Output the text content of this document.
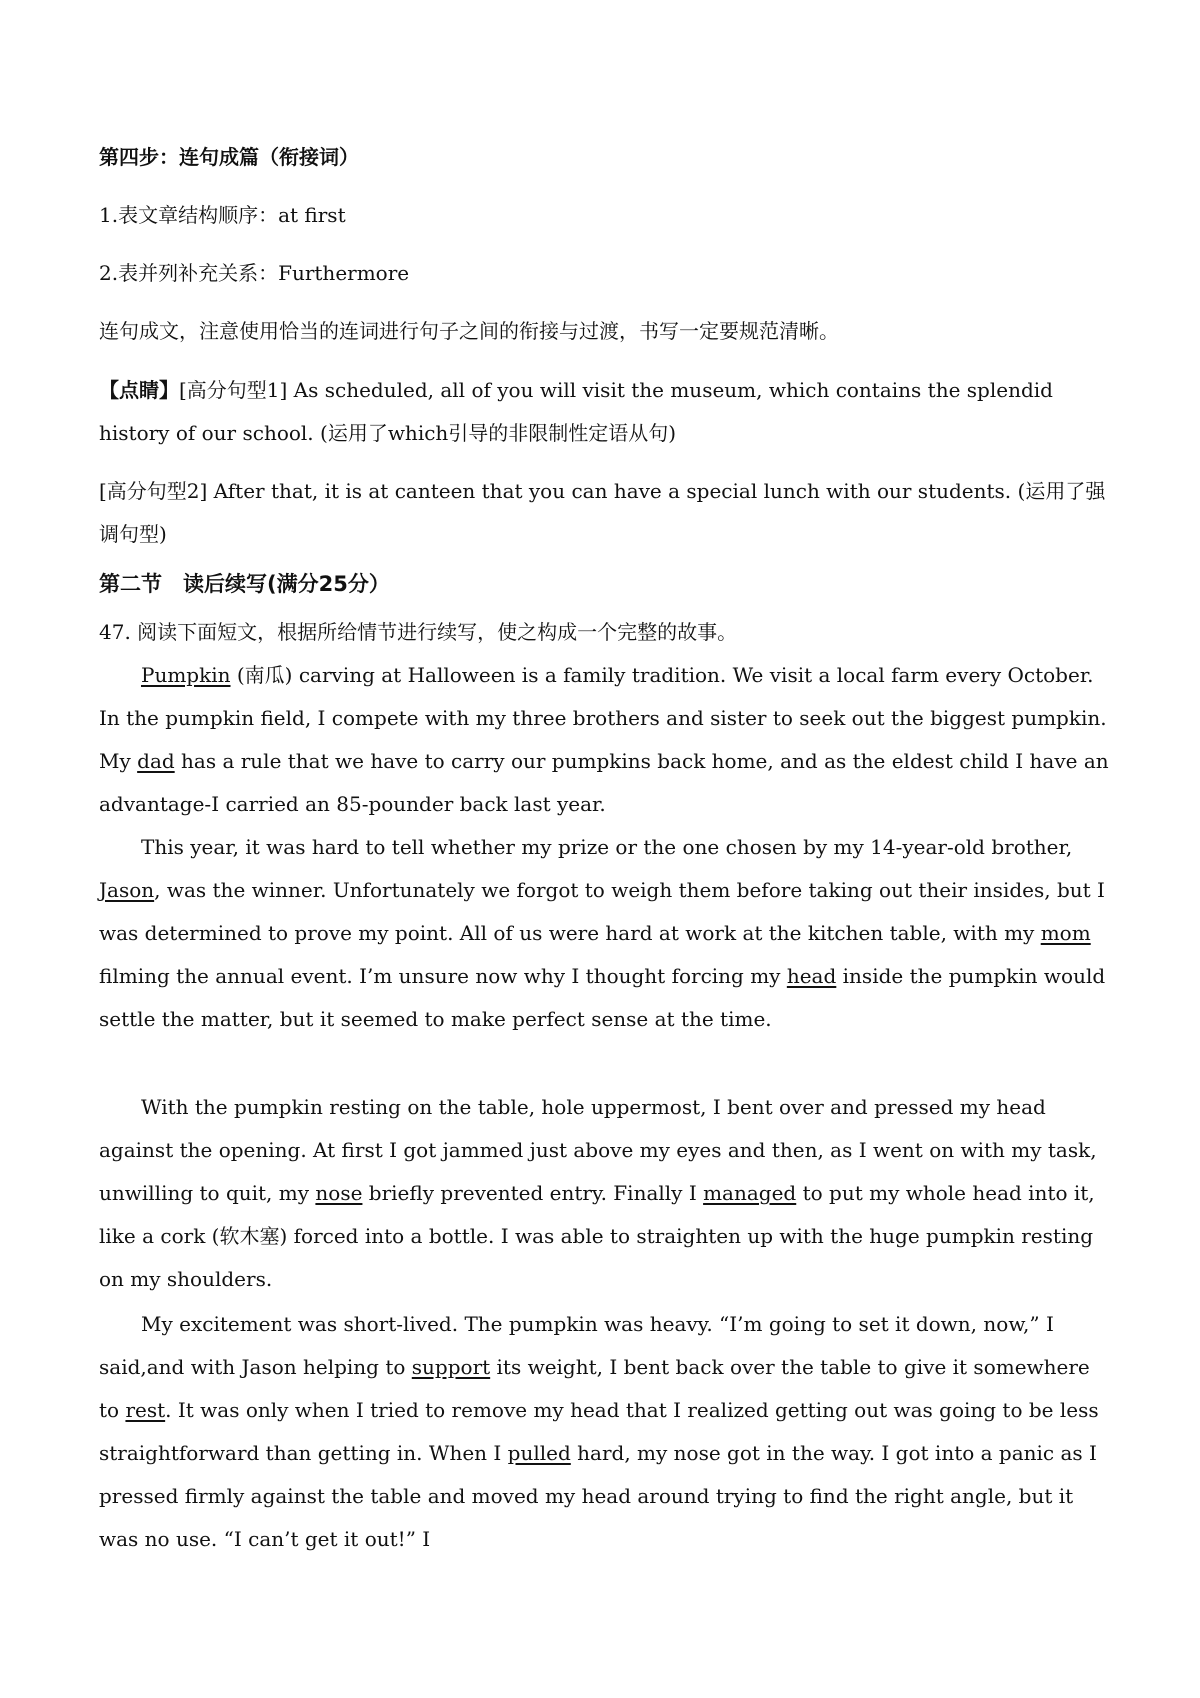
第四步：连句成篇（衔接词）
1.表文章结构顺序：at first
2.表并列补充关系：Furthermore
连句成文，注意使用恰当的连词进行句子之间的衔接与过渡，书写一定要规范清晰。
【点睛】[高分句型1] As scheduled, all of you will visit the museum, which contains the splendid history of our school. (运用了which引导的非限制性定语从句)
[高分句型2] After that, it is at canteen that you can have a special lunch with our students. (运用了强调句型)
第二节　读后续写(满分25分）
47. 阅读下面短文，根据所给情节进行续写，使之构成一个完整的故事。
Pumpkin (南瓜) carving at Halloween is a family tradition. We visit a local farm every October. In the pumpkin field, I compete with my three brothers and sister to seek out the biggest pumpkin. My dad has a rule that we have to carry our pumpkins back home, and as the eldest child I have an advantage-I carried an 85-pounder back last year.
This year, it was hard to tell whether my prize or the one chosen by my 14-year-old brother, Jason, was the winner. Unfortunately we forgot to weigh them before taking out their insides, but I was determined to prove my point. All of us were hard at work at the kitchen table, with my mom filming the annual event. I’m unsure now why I thought forcing my head inside the pumpkin would settle the matter, but it seemed to make perfect sense at the time.
With the pumpkin resting on the table, hole uppermost, I bent over and pressed my head against the opening. At first I got jammed just above my eyes and then, as I went on with my task, unwilling to quit, my nose briefly prevented entry. Finally I managed to put my whole head into it, like a cork (软木塞) forced into a bottle. I was able to straighten up with the huge pumpkin resting on my shoulders.
My excitement was short-lived. The pumpkin was heavy. “I’m going to set it down, now,” I said,and with Jason helping to support its weight, I bent back over the table to give it somewhere to rest. It was only when I tried to remove my head that I realized getting out was going to be less straightforward than getting in. When I pulled hard, my nose got in the way. I got into a panic as I pressed firmly against the table and moved my head around trying to find the right angle, but it was no use. “I can’t get it out!” I
